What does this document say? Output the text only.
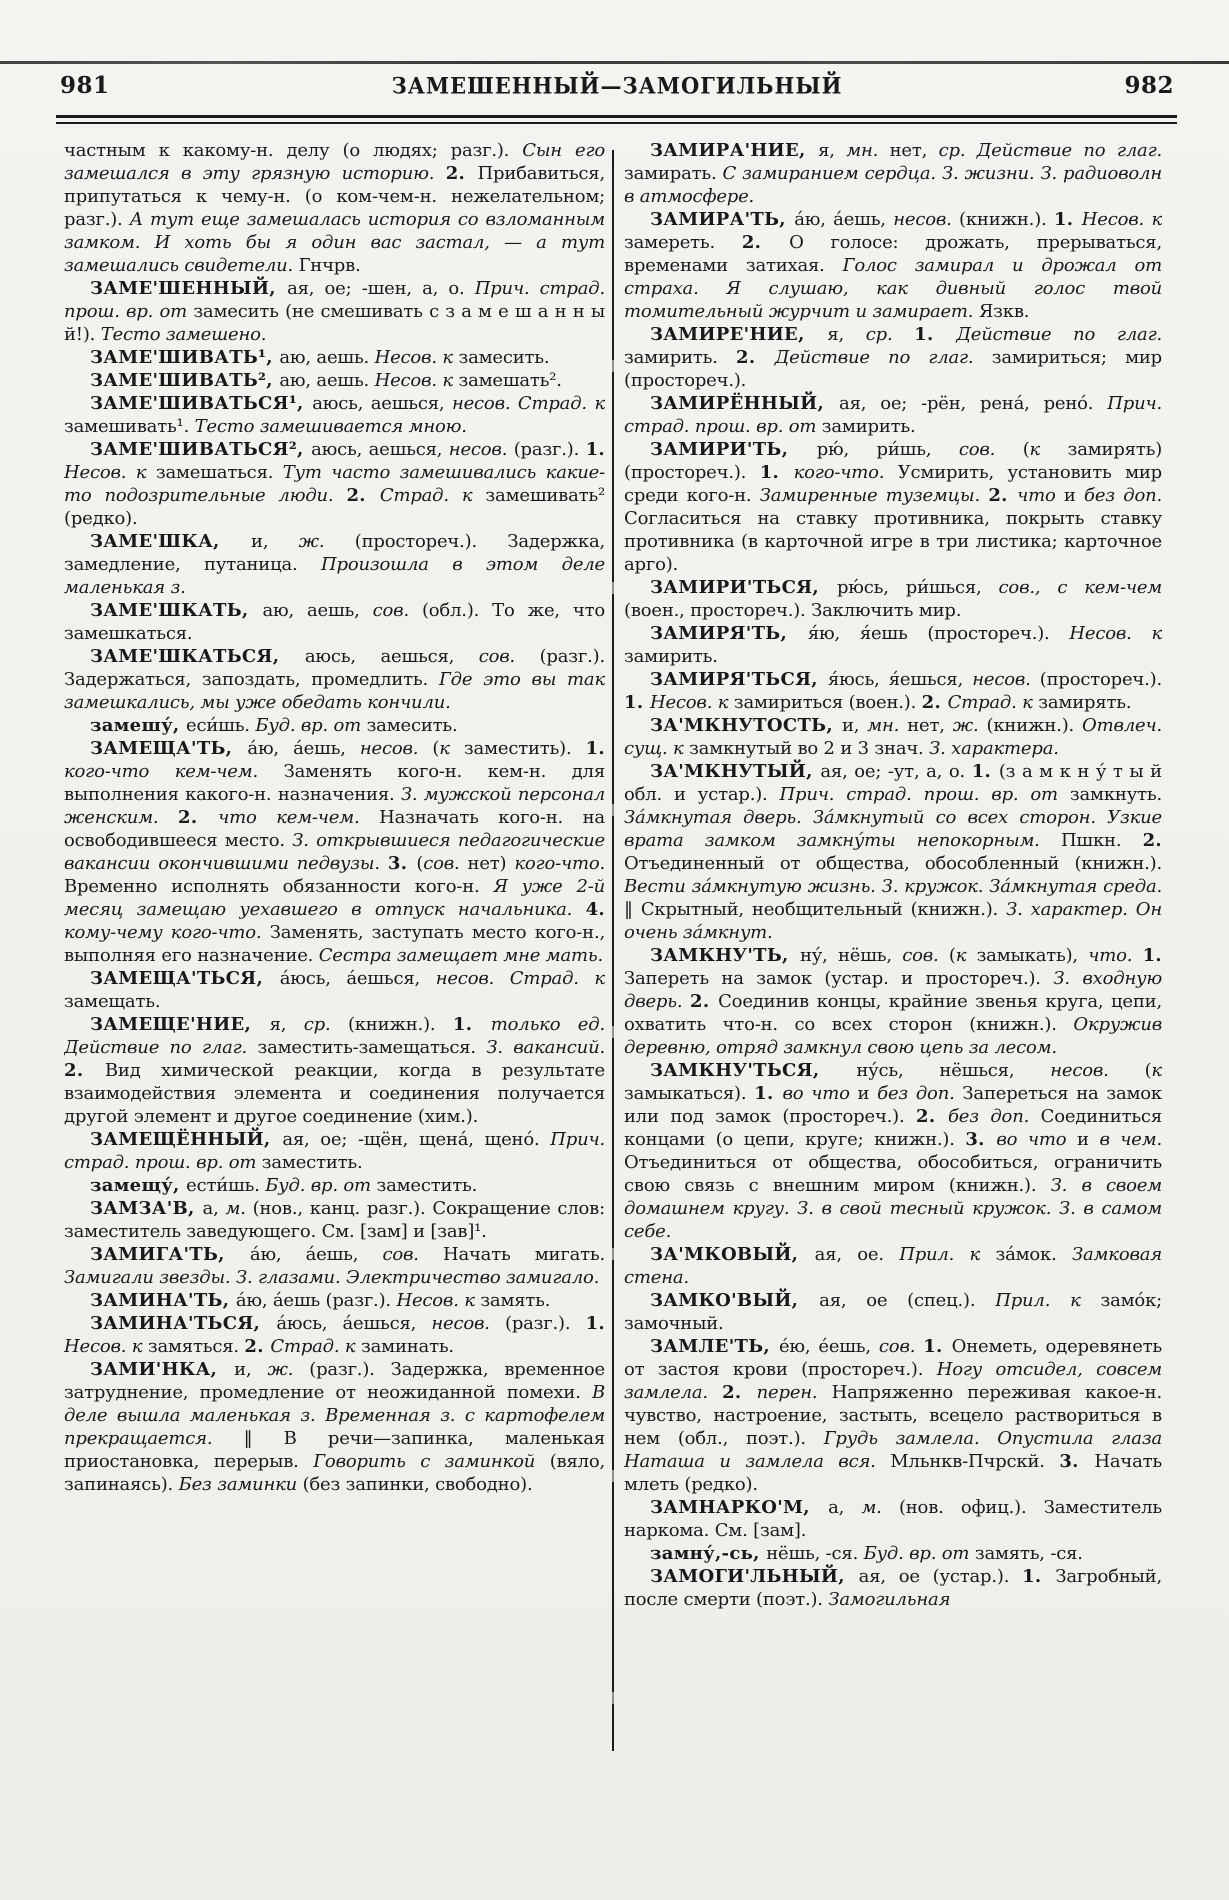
981	ЗАМЕШЕННЫЙ—ЗАМОГИЛЬНЫЙ	982

частным к какому-н. делу (о людях; разг.). Сын его замешался в эту грязную историю. 2. Прибавиться, припутаться к чему-н. (о ком-чем-н. нежелательном; разг.). А тут еще замешалась история со взломанным замком. И хоть бы я один вас застал, — а тут замешались свидетели. Гнчрв.

ЗАМЕ'ШЕННЫЙ, ая, ое; -шен, а, о. Прич. страд. прош. вр. от замесить (не смешивать с з а м е ш а н н ы й!). Тесто замешено.

ЗАМЕ'ШИВАТЬ¹, аю, аешь. Несов. к замесить.

ЗАМЕ'ШИВАТЬ², аю, аешь. Несов. к замешать².

ЗАМЕ'ШИВАТЬСЯ¹, аюсь, аешься, несов. Страд. к замешивать¹. Тесто замешивается мною.

ЗАМЕ'ШИВАТЬСЯ², аюсь, аешься, несов. (разг.). 1. Несов. к замешаться. Тут часто замешивались какие-то подозрительные люди. 2. Страд. к замешивать² (редко).

ЗАМЕ'ШКА, и, ж. (простореч.). Задержка, замедление, путаница. Произошла в этом деле маленькая з.

ЗАМЕ'ШКАТЬ, аю, аешь, сов. (обл.). То же, что замешкаться.

ЗАМЕ'ШКАТЬСЯ, аюсь, аешься, сов. (разг.). Задержаться, запоздать, промедлить. Где это вы так замешкались, мы уже обедать кончили.

замешу́, еси́шь. Буд. вр. от замесить.

ЗАМЕЩА'ТЬ, а́ю, а́ешь, несов. (к заместить). 1. кого-что кем-чем. Заменять кого-н. кем-н. для выполнения какого-н. назначения. З. мужской персонал женским. 2. что кем-чем. Назначать кого-н. на освободившееся место. З. открывшиеся педагогические вакансии окончившими педвузы. 3. (сов. нет) кого-что. Временно исполнять обязанности кого-н. Я уже 2-й месяц замещаю уехавшего в отпуск начальника. 4. кому-чему кого-что. Заменять, заступать место кого-н., выполняя его назначение. Сестра замещает мне мать.

ЗАМЕЩА'ТЬСЯ, а́юсь, а́ешься, несов. Страд. к замещать.

ЗАМЕЩЕ'НИЕ, я, ср. (книжн.). 1. только ед. Действие по глаг. заместить-замещаться. З. вакансий. 2. Вид химической реакции, когда в результате взаимодействия элемента и соединения получается другой элемент и другое соединение (хим.).

ЗАМЕЩЁННЫЙ, ая, ое; -щён, щена́, щено́. Прич. страд. прош. вр. от заместить.

замещу́, ести́шь. Буд. вр. от заместить.

ЗАМЗА'В, а, м. (нов., канц. разг.). Сокращение слов: заместитель заведующего. См. [зам] и [зав]¹.

ЗАМИГА'ТЬ, а́ю, а́ешь, сов. Начать мигать. Замигали звезды. З. глазами. Электричество замигало.

ЗАМИНА'ТЬ, а́ю, а́ешь (разг.). Несов. к замять.

ЗАМИНА'ТЬСЯ, а́юсь, а́ешься, несов. (разг.). 1. Несов. к замяться. 2. Страд. к заминать.

ЗАМИ'НКА, и, ж. (разг.). Задержка, временное затруднение, промедление от неожиданной помехи. В деле вышла маленькая з. Временная з. с картофелем прекращается. ‖ В речи—запинка, маленькая приостановка, перерыв. Говорить с заминкой (вяло, запинаясь). Без заминки (без запинки, свободно).

ЗАМИРА'НИЕ, я, мн. нет, ср. Действие по глаг. замирать. С замиранием сердца. З. жизни. З. радиоволн в атмосфере.

ЗАМИРА'ТЬ, а́ю, а́ешь, несов. (книжн.). 1. Несов. к замереть. 2. О голосе: дрожать, прерываться, временами затихая. Голос замирал и дрожал от страха. Я слушаю, как дивный голос твой томительный журчит и замирает. Язкв.

ЗАМИРЕ'НИЕ, я, ср. 1. Действие по глаг. замирить. 2. Действие по глаг. замириться; мир (простореч.).

ЗАМИРЁННЫЙ, ая, ое; -рён, рена́, рено́. Прич. страд. прош. вр. от замирить.

ЗАМИРИ'ТЬ, рю́, ри́шь, сов. (к замирять) (простореч.). 1. кого-что. Усмирить, установить мир среди кого-н. Замиренные туземцы. 2. что и без доп. Согласиться на ставку противника, покрыть ставку противника (в карточной игре в три листика; карточное арго).

ЗАМИРИ'ТЬСЯ, рю́сь, ри́шься, сов., с кем-чем (воен., простореч.). Заключить мир.

ЗАМИРЯ'ТЬ, я́ю, я́ешь (простореч.). Несов. к замирить.

ЗАМИРЯ'ТЬСЯ, я́юсь, я́ешься, несов. (простореч.). 1. Несов. к замириться (воен.). 2. Страд. к замирять.

ЗА'МКНУТОСТЬ, и, мн. нет, ж. (книжн.). Отвлеч. сущ. к замкнутый во 2 и 3 знач. З. характера.

ЗА'МКНУТЫЙ, ая, ое; -ут, а, о. 1. (з а м к н у́ т ы й обл. и устар.). Прич. страд. прош. вр. от замкнуть. За́мкнутая дверь. За́мкнутый со всех сторон. Узкие врата замком замкну́ты непокорным. Пшкн. 2. Отъединенный от общества, обособленный (книжн.). Вести за́мкнутую жизнь. З. кружок. За́мкнутая среда. ‖ Скрытный, необщительный (книжн.). З. характер. Он очень за́мкнут.

ЗАМКНУ'ТЬ, ну́, нёшь, сов. (к замыкать), что. 1. Запереть на замок (устар. и простореч.). З. входную дверь. 2. Соединив концы, крайние звенья круга, цепи, охватить что-н. со всех сторон (книжн.). Окружив деревню, отряд замкнул свою цепь за лесом.

ЗАМКНУ'ТЬСЯ, ну́сь, нёшься, несов. (к замыкаться). 1. во что и без доп. Запереться на замок или под замок (простореч.). 2. без доп. Соединиться концами (о цепи, круге; книжн.). 3. во что и в чем. Отъединиться от общества, обособиться, ограничить свою связь с внешним миром (книжн.). З. в своем домашнем кругу. З. в свой тесный кружок. З. в самом себе.

ЗА'МКОВЫЙ, ая, ое. Прил. к за́мок. Замковая стена.

ЗАМКО'ВЫЙ, ая, ое (спец.). Прил. к замо́к; замочный.

ЗАМЛЕ'ТЬ, е́ю, е́ешь, сов. 1. Онеметь, одеревянеть от застоя крови (простореч.). Ногу отсидел, совсем замлела. 2. перен. Напряженно переживая какое-н. чувство, настроение, застыть, всецело раствориться в нем (обл., поэт.). Грудь замлела. Опустила глаза Наташа и замлела вся. Мльнкв-Пчрскй. 3. Начать млеть (редко).

ЗАМНАРКО'М, а, м. (нов. офиц.). Заместитель наркома. См. [зам].

замну́,-сь, нёшь, -ся. Буд. вр. от замять, -ся.

ЗАМОГИ'ЛЬНЫЙ, ая, ое (устар.). 1. Загробный, после смерти (поэт.). Замогильная
